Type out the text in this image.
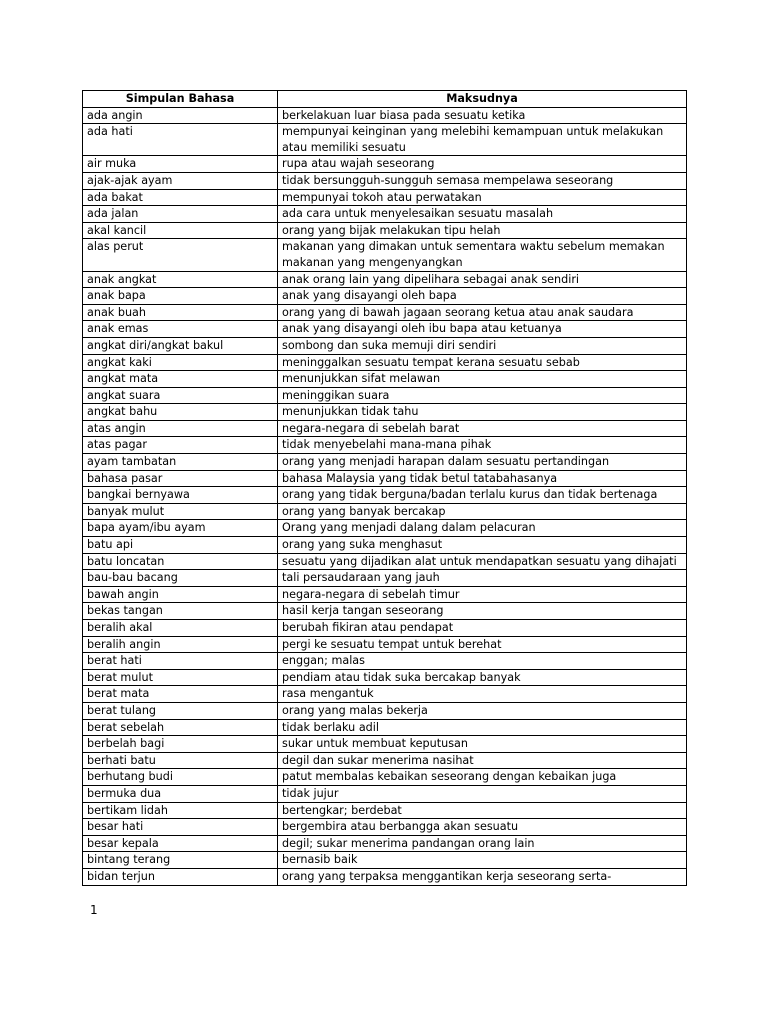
Simpulan Bahasa	Maksudnya
ada angin	berkelakuan luar biasa pada sesuatu ketika
ada hati	mempunyai keinginan yang melebihi kemampuan untuk melakukan atau memiliki sesuatu
air muka	rupa atau wajah seseorang
ajak-ajak ayam	tidak bersungguh-sungguh semasa mempelawa seseorang
ada bakat	mempunyai tokoh atau perwatakan
ada jalan	ada cara untuk menyelesaikan sesuatu masalah
akal kancil	orang yang bijak melakukan tipu helah
alas perut	makanan yang dimakan untuk sementara waktu sebelum memakan makanan yang mengenyangkan
anak angkat	anak orang lain yang dipelihara sebagai anak sendiri
anak bapa	anak yang disayangi oleh bapa
anak buah	orang yang di bawah jagaan seorang ketua atau anak saudara
anak emas	anak yang disayangi oleh ibu bapa atau ketuanya
angkat diri/angkat bakul	sombong dan suka memuji diri sendiri
angkat kaki	meninggalkan sesuatu tempat kerana sesuatu sebab
angkat mata	menunjukkan sifat melawan
angkat suara	meninggikan suara
angkat bahu	menunjukkan tidak tahu
atas angin	negara-negara di sebelah barat
atas pagar	tidak menyebelahi mana-mana pihak
ayam tambatan	orang yang menjadi harapan dalam sesuatu pertandingan
bahasa pasar	bahasa Malaysia yang tidak betul tatabahasanya
bangkai bernyawa	orang yang tidak berguna/badan terlalu kurus dan tidak bertenaga
banyak mulut	orang yang banyak bercakap
bapa ayam/ibu ayam	Orang yang menjadi dalang dalam pelacuran
batu api	orang yang suka menghasut
batu loncatan	sesuatu yang dijadikan alat untuk mendapatkan sesuatu yang dihajati
bau-bau bacang	tali persaudaraan yang jauh
bawah angin	negara-negara di sebelah timur
bekas tangan	hasil kerja tangan seseorang
beralih akal	berubah fikiran atau pendapat
beralih angin	pergi ke sesuatu tempat untuk berehat
berat hati	enggan; malas
berat mulut	pendiam atau tidak suka bercakap banyak
berat mata	rasa mengantuk
berat tulang	orang yang malas bekerja
berat sebelah	tidak berlaku adil
berbelah bagi	sukar untuk membuat keputusan
berhati batu	degil dan sukar menerima nasihat
berhutang budi	patut membalas kebaikan seseorang dengan kebaikan juga
bermuka dua	tidak jujur
bertikam lidah	bertengkar; berdebat
besar hati	bergembira atau berbangga akan sesuatu
besar kepala	degil; sukar menerima pandangan orang lain
bintang terang	bernasib baik
bidan terjun	orang yang terpaksa menggantikan kerja seseorang serta-
1
